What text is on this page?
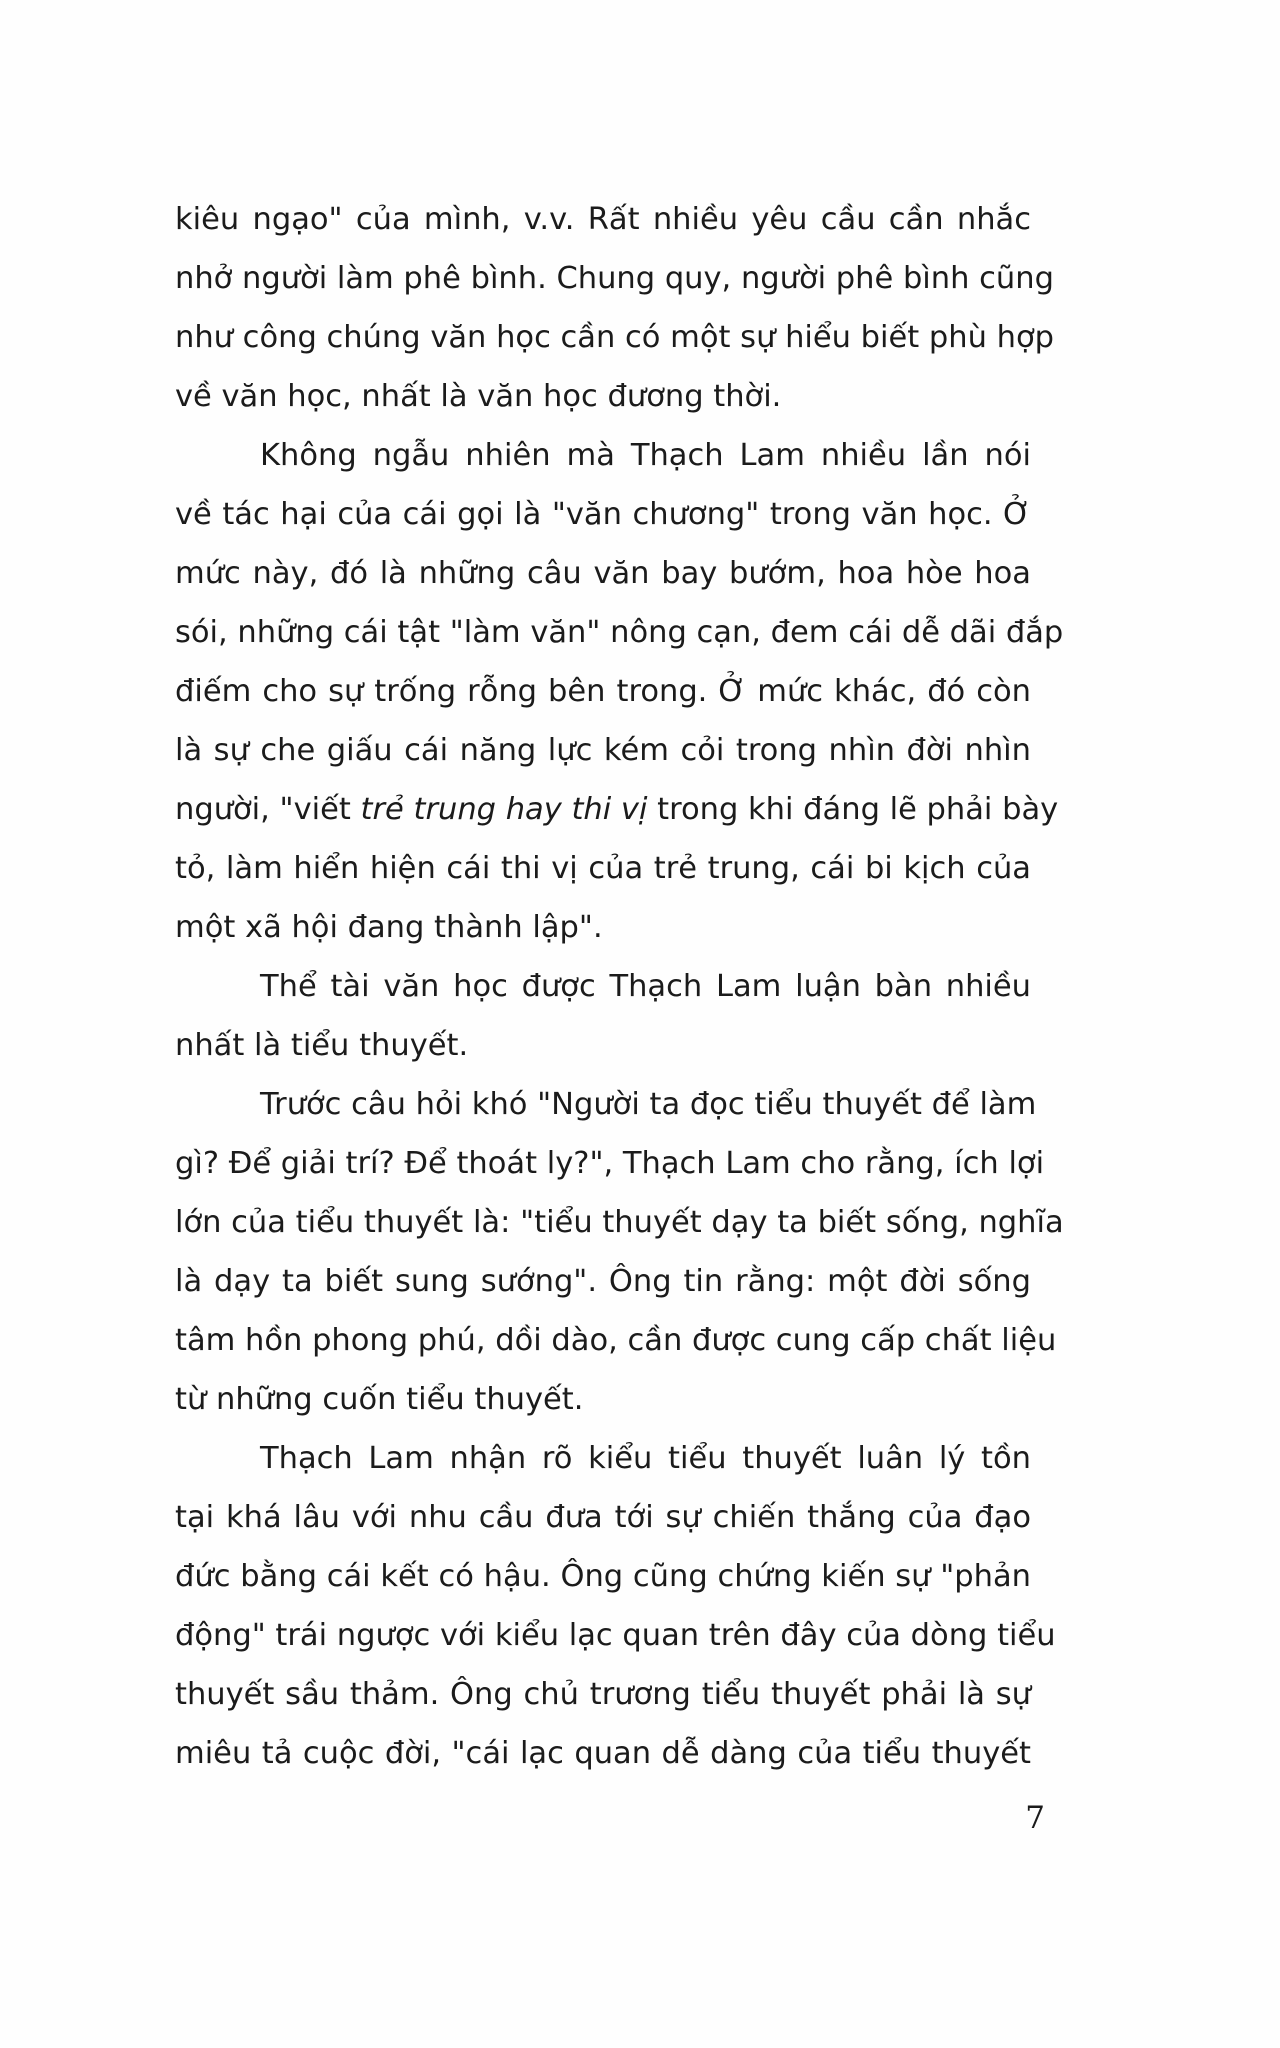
kiêu ngạo" của mình, v.v. Rất nhiều yêu cầu cần nhắc
nhở người làm phê bình. Chung quy, người phê bình cũng
như công chúng văn học cần có một sự hiểu biết phù hợp
về văn học, nhất là văn học đương thời.
Không ngẫu nhiên mà Thạch Lam nhiều lần nói
về tác hại của cái gọi là "văn chương" trong văn học. Ở
mức này, đó là những câu văn bay bướm, hoa hòe hoa
sói, những cái tật "làm văn" nông cạn, đem cái dễ dãi đắp
điếm cho sự trống rỗng bên trong. Ở mức khác, đó còn
là sự che giấu cái năng lực kém cỏi trong nhìn đời nhìn
người, "viết trẻ trung hay thi vị trong khi đáng lẽ phải bày
tỏ, làm hiển hiện cái thi vị của trẻ trung, cái bi kịch của
một xã hội đang thành lập".
Thể tài văn học được Thạch Lam luận bàn nhiều
nhất là tiểu thuyết.
Trước câu hỏi khó "Người ta đọc tiểu thuyết để làm
gì? Để giải trí? Để thoát ly?", Thạch Lam cho rằng, ích lợi
lớn của tiểu thuyết là: "tiểu thuyết dạy ta biết sống, nghĩa
là dạy ta biết sung sướng". Ông tin rằng: một đời sống
tâm hồn phong phú, dồi dào, cần được cung cấp chất liệu
từ những cuốn tiểu thuyết.
Thạch Lam nhận rõ kiểu tiểu thuyết luân lý tồn
tại khá lâu với nhu cầu đưa tới sự chiến thắng của đạo
đức bằng cái kết có hậu. Ông cũng chứng kiến sự "phản
động" trái ngược với kiểu lạc quan trên đây của dòng tiểu
thuyết sầu thảm. Ông chủ trương tiểu thuyết phải là sự
miêu tả cuộc đời, "cái lạc quan dễ dàng của tiểu thuyết
7
